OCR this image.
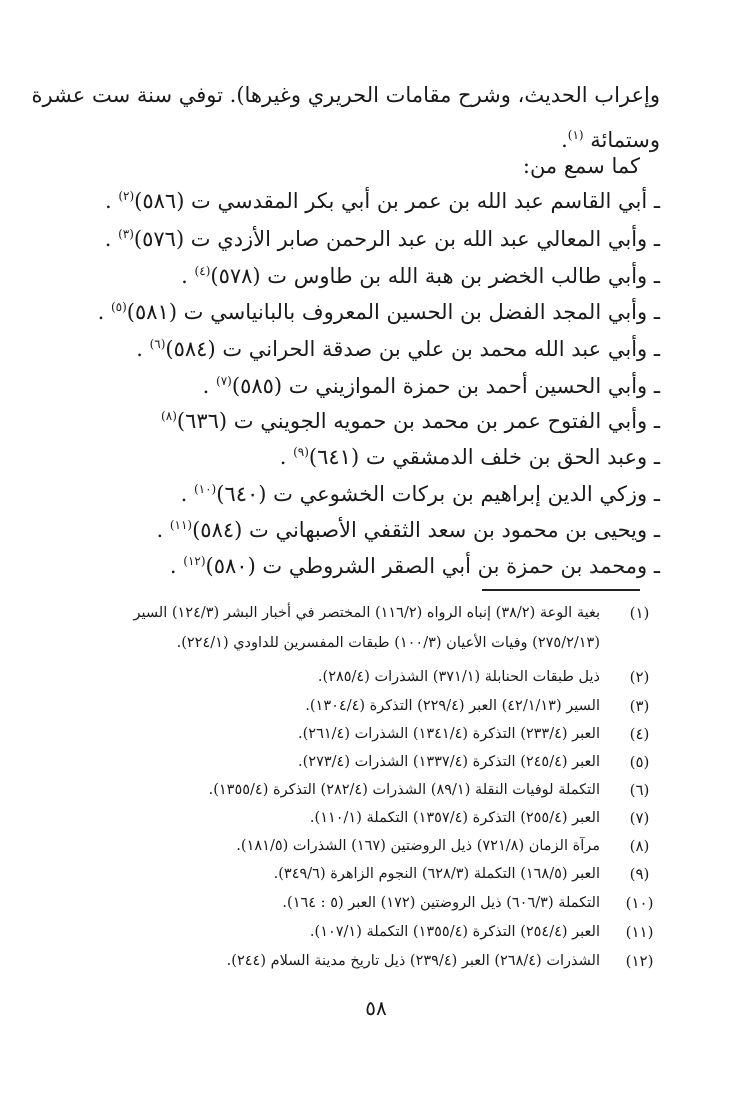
وإعراب الحديث، وشرح مقامات الحريري وغيرها). توفي سنة ست عشرة
وستمائة $^{(١)}$.
كما سمع من:
ـ أبي القاسم عبد الله بن عمر بن أبي بكر المقدسي ت (٥٨٦)$^{(٢)}$ .
ـ وأبي المعالي عبد الله بن عبد الرحمن صابر الأزدي ت (٥٧٦)$^{(٣)}$ .
ـ وأبي طالب الخضر بن هبة الله بن طاوس ت (٥٧٨)$^{(٤)}$ .
ـ وأبي المجد الفضل بن الحسين المعروف بالبانياسي ت (٥٨١)$^{(٥)}$ .
ـ وأبي عبد الله محمد بن علي بن صدقة الحراني ت (٥٨٤)$^{(٦)}$ .
ـ وأبي الحسين أحمد بن حمزة الموازيني ت (٥٨٥)$^{(٧)}$ .
ـ وأبي الفتوح عمر بن محمد بن حمويه الجويني ت (٦٣٦)$^{(٨)}$
ـ وعبد الحق بن خلف الدمشقي ت (٦٤١)$^{(٩)}$ .
ـ وزكي الدين إبراهيم بن بركات الخشوعي ت (٦٤٠)$^{(١٠)}$ .
ـ ويحيى بن محمود بن سعد الثقفي الأصبهاني ت (٥٨٤)$^{(١١)}$ .
ـ ومحمد بن حمزة بن أبي الصقر الشروطي ت (٥٨٠)$^{(١٢)}$ .
(١)
بغية الوعة (٣٨/٢) إنباه الرواه (١١٦/٢) المختصر في أخبار البشر (١٢٤/٣) السير
(٢٧٥/٢/١٣) وفيات الأعيان (١٠٠/٣) طبقات المفسرين للداودي (٢٢٤/١).
(٢)
ذيل طبقات الحنابلة (٣٧١/١) الشذرات (٢٨٥/٤).
(٣)
السير (٤٢/١/١٣) العبر (٢٢٩/٤) التذكرة (١٣٠٤/٤).
(٤)
العبر (٢٣٣/٤) التذكرة (١٣٤١/٤) الشذرات (٢٦١/٤).
(٥)
العبر (٢٤٥/٤) التذكرة (١٣٣٧/٤) الشذرات (٢٧٣/٤).
(٦)
التكملة لوفيات النقلة (٨٩/١) الشذرات (٢٨٢/٤) التذكرة (١٣٥٥/٤).
(٧)
العبر (٢٥٥/٤) التذكرة (١٣٥٧/٤) التكملة (١١٠/١).
(٨)
مرآة الزمان (٧٢١/٨) ذيل الروضتين (١٦٧) الشذرات (١٨١/٥).
(٩)
العبر (١٦٨/٥) التكملة (٦٢٨/٣) النجوم الزاهرة (٣٤٩/٦).
(١٠)
التكملة (٦٠٦/٣) ذيل الروضتين (١٧٢) العبر (٥ : ١٦٤).
(١١)
العبر (٢٥٤/٤) التذكرة (١٣٥٥/٤) التكملة (١٠٧/١).
(١٢)
الشذرات (٢٦٨/٤) العبر (٢٣٩/٤) ذيل تاريخ مدينة السلام (٢٤٤).
٥٨
